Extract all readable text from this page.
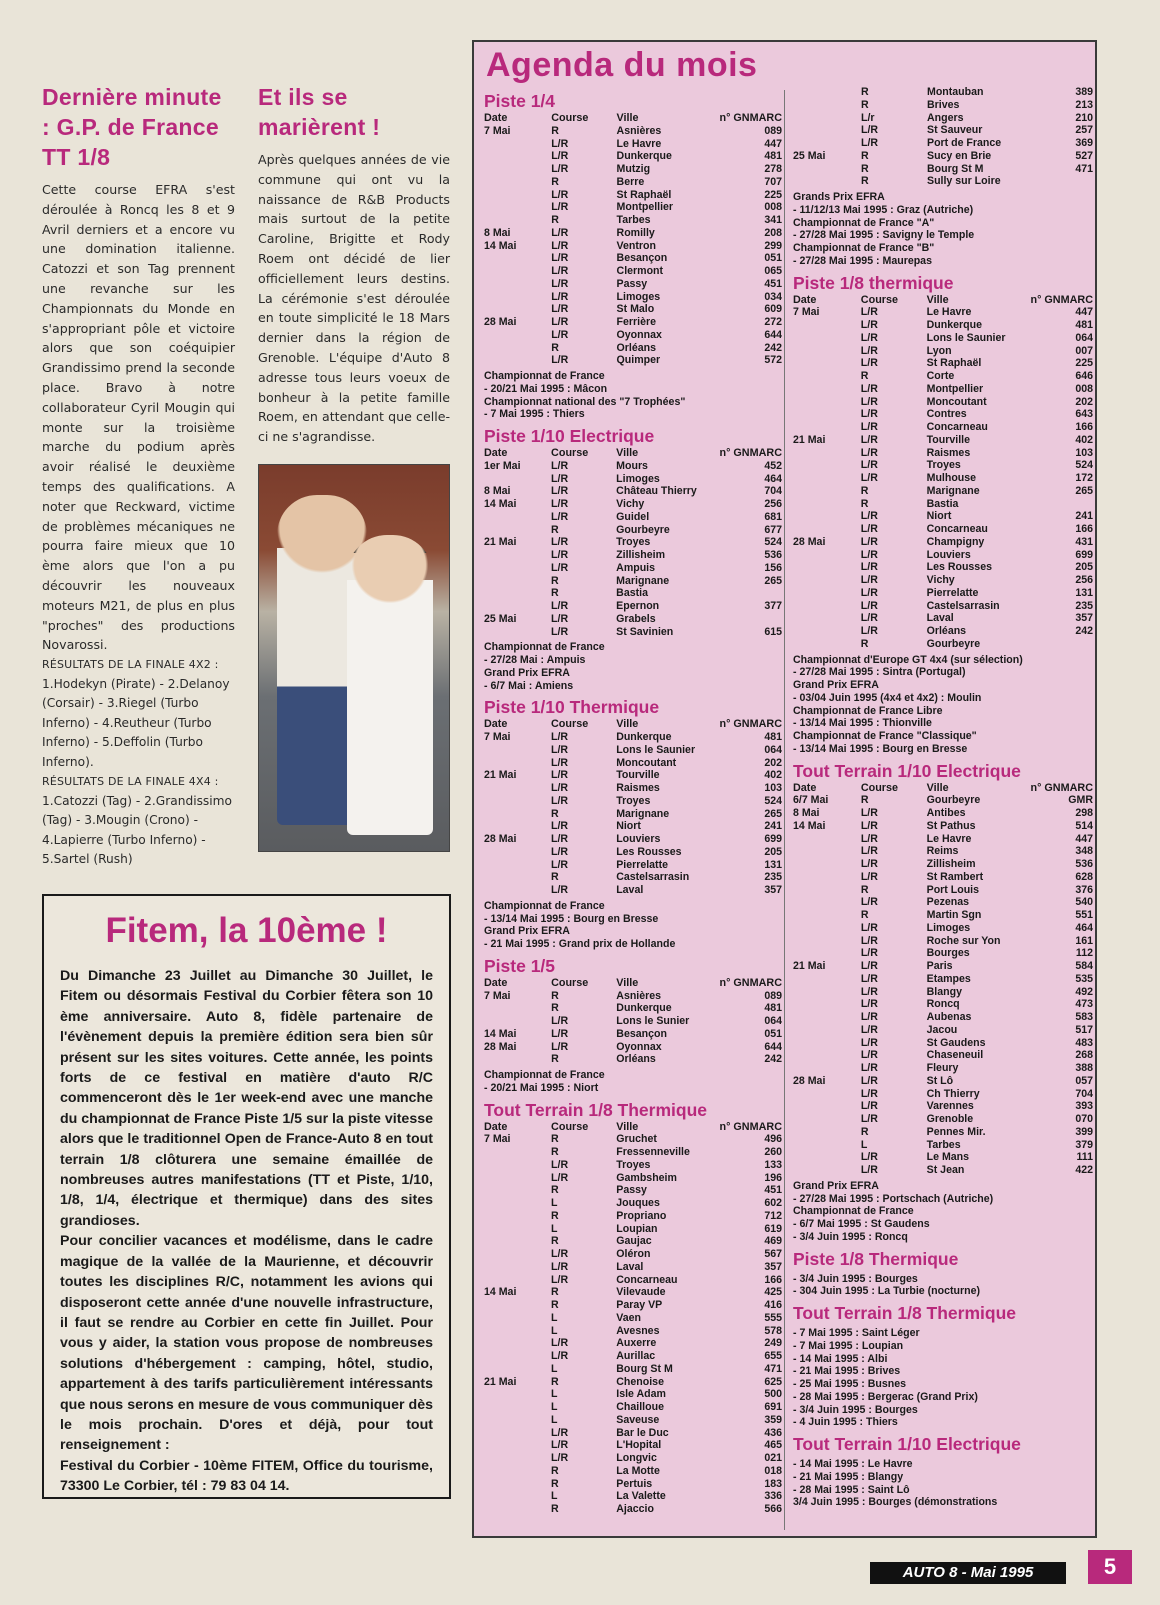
Dernière minute : G.P. de France TT 1/8

Cette course EFRA s'est déroulée à Roncq les 8 et 9 Avril derniers et a encore vu une domination italienne. Catozzi et son Tag prennent une revanche sur les Championnats du Monde en s'appropriant pôle et victoire alors que son coéquipier Grandissimo prend la seconde place. Bravo à notre collaborateur Cyril Mougin qui monte sur la troisième marche du podium après avoir réalisé le deuxième temps des qualifications. A noter que Reckward, victime de problèmes mécaniques ne pourra faire mieux que 10 ème alors que l'on a pu découvrir les nouveaux moteurs M21, de plus en plus "proches" des productions Novarossi.

RÉSULTATS DE LA FINALE 4X2 :
1.Hodekyn (Pirate) - 2.Delanoy (Corsair) - 3.Riegel (Turbo Inferno) - 4.Reutheur (Turbo Inferno) - 5.Deffolin (Turbo Inferno).
RÉSULTATS DE LA FINALE 4X4 :
1.Catozzi (Tag) - 2.Grandissimo (Tag) - 3.Mougin (Crono) - 4.Lapierre (Turbo Inferno) - 5.Sartel (Rush)
Et ils se marièrent !

Après quelques années de vie commune qui ont vu la naissance de R&B Products mais surtout de la petite Caroline, Brigitte et Rody Roem ont décidé de lier officiellement leurs destins. La cérémonie s'est déroulée en toute simplicité le 18 Mars dernier dans la région de Grenoble. L'équipe d'Auto 8 adresse tous leurs voeux de bonheur à la petite famille Roem, en attendant que celle-ci ne s'agrandisse.

Fitem, la 10ème !

Du Dimanche 23 Juillet au Dimanche 30 Juillet, le Fitem ou désormais Festival du Corbier fêtera son 10 ème anniversaire. Auto 8, fidèle partenaire de l'évènement depuis la première édition sera bien sûr présent sur les sites voitures. Cette année, les points forts de ce festival en matière d'auto R/C commenceront dès le 1er week-end avec une manche du championnat de France Piste 1/5 sur la piste vitesse alors que le traditionnel Open de France-Auto 8 en tout terrain 1/8 clôturera une semaine émaillée de nombreuses autres manifestations (TT et Piste, 1/10, 1/8, 1/4, électrique et thermique) dans des sites grandioses.

Pour concilier vacances et modélisme, dans le cadre magique de la vallée de la Maurienne, et découvrir toutes les disciplines R/C, notamment les avions qui disposeront cette année d'une nouvelle infrastructure, il faut se rendre au Corbier en cette fin Juillet. Pour vous y aider, la station vous propose de nombreuses solutions d'hébergement : camping, hôtel, studio, appartement à des tarifs particulièrement intéressants que nous serons en mesure de vous communiquer dès le mois prochain. D'ores et déjà, pour tout renseignement :

Festival du Corbier - 10ème FITEM, Office du tourisme, 73300 Le Corbier, tél : 79 83 04 14.

Agenda du mois
Piste 1/4
Date	Course	Ville	n° GNMARC
7 Mai	R	Asnières	089
	L/R	Le Havre	447
	L/R	Dunkerque	481
	L/R	Mutzig	278
	R	Berre	707
	L/R	St Raphaël	225
	L/R	Montpellier	008
	R	Tarbes	341
8 Mai	L/R	Romilly	208
14 Mai	L/R	Ventron	299
	L/R	Besançon	051
	L/R	Clermont	065
	L/R	Passy	451
	L/R	Limoges	034
	L/R	St Malo	609
28 Mai	L/R	Ferrière	272
	L/R	Oyonnax	644
	R	Orléans	242
	L/R	Quimper	572
Championnat de France
- 20/21 Mai 1995 : Mâcon
Championnat national des "7 Trophées"
- 7 Mai 1995 : Thiers
Piste 1/10 Electrique
Date	Course	Ville	n° GNMARC
1er Mai	L/R	Mours	452
	L/R	Limoges	464
8 Mai	L/R	Château Thierry	704
14 Mai	L/R	Vichy	256
	L/R	Guidel	681
	R	Gourbeyre	677
21 Mai	L/R	Troyes	524
	L/R	Zillisheim	536
	L/R	Ampuis	156
	R	Marignane	265
	R	Bastia	
	L/R	Epernon	377
25 Mai	L/R	Grabels	
	L/R	St Savinien	615
Championnat de France
- 27/28 Mai : Ampuis
Grand Prix EFRA
- 6/7 Mai : Amiens
Piste 1/10 Thermique
Date	Course	Ville	n° GNMARC
7 Mai	L/R	Dunkerque	481
	L/R	Lons le Saunier	064
	L/R	Moncoutant	202
21 Mai	L/R	Tourville	402
	L/R	Raismes	103
	L/R	Troyes	524
	R	Marignane	265
	L/R	Niort	241
28 Mai	L/R	Louviers	699
	L/R	Les Rousses	205
	L/R	Pierrelatte	131
	R	Castelsarrasin	235
	L/R	Laval	357
Championnat de France
- 13/14 Mai 1995 : Bourg en Bresse
Grand Prix EFRA
- 21 Mai 1995 : Grand prix de Hollande
Piste 1/5
Date	Course	Ville	n° GNMARC
7 Mai	R	Asnières	089
	R	Dunkerque	481
	L/R	Lons le Sunier	064
14 Mai	L/R	Besançon	051
28 Mai	L/R	Oyonnax	644
	R	Orléans	242
Championnat de France
- 20/21 Mai 1995 : Niort
Tout Terrain 1/8 Thermique
Date	Course	Ville	n° GNMARC
7 Mai	R	Gruchet	496
	R	Fressenneville	260
	L/R	Troyes	133
	L/R	Gambsheim	196
	R	Passy	451
	L	Jouques	602
	R	Propriano	712
	L	Loupian	619
	R	Gaujac	469
	L/R	Oléron	567
	L/R	Laval	357
	L/R	Concarneau	166
14 Mai	R	Vilevaude	425
	R	Paray VP	416
	L	Vaen	555
	L	Avesnes	578
	L/R	Auxerre	249
	L/R	Aurillac	655
	L	Bourg St M	471
21 Mai	R	Chenoise	625
	L	Isle Adam	500
	L	Chailloue	691
	L	Saveuse	359
	L/R	Bar le Duc	436
	L/R	L'Hopital	465
	L/R	Longvic	021
	R	La Motte	018
	R	Pertuis	183
	L	La Valette	336
	R	Ajaccio	566
	R	Montauban	389
	R	Brives	213
	L/r	Angers	210
	L/R	St Sauveur	257
	L/R	Port de France	369
25 Mai	R	Sucy en Brie	527
	R	Bourg St M	471
	R	Sully sur Loire	
Grands Prix EFRA
- 11/12/13 Mai 1995 : Graz (Autriche)
Championnat de France "A"
- 27/28 Mai 1995 : Savigny le Temple
Championnat de France "B"
- 27/28 Mai 1995 : Maurepas
Piste 1/8 thermique
Date	Course	Ville	n° GNMARC
7 Mai	L/R	Le Havre	447
	L/R	Dunkerque	481
	L/R	Lons le Saunier	064
	L/R	Lyon	007
	L/R	St Raphaël	225
	R	Corte	646
	L/R	Montpellier	008
	L/R	Moncoutant	202
	L/R	Contres	643
	L/R	Concarneau	166
21 Mai	L/R	Tourville	402
	L/R	Raismes	103
	L/R	Troyes	524
	L/R	Mulhouse	172
	R	Marignane	265
	R	Bastia	
	L/R	Niort	241
	L/R	Concarneau	166
28 Mai	L/R	Champigny	431
	L/R	Louviers	699
	L/R	Les Rousses	205
	L/R	Vichy	256
	L/R	Pierrelatte	131
	L/R	Castelsarrasin	235
	L/R	Laval	357
	L/R	Orléans	242
	R	Gourbeyre	
Championnat d'Europe GT 4x4 (sur sélection)
- 27/28 Mai 1995 : Sintra (Portugal)
Grand Prix EFRA
- 03/04 Juin 1995 (4x4 et 4x2) : Moulin
Championnat de France Libre
- 13/14 Mai 1995 : Thionville
Championnat de France "Classique"
- 13/14 Mai 1995 : Bourg en Bresse
Tout Terrain 1/10 Electrique
Date	Course	Ville	n° GNMARC
6/7 Mai	R	Gourbeyre	GMR
8 Mai	L/R	Antibes	298
14 Mai	L/R	St Pathus	514
	L/R	Le Havre	447
	L/R	Reims	348
	L/R	Zillisheim	536
	L/R	St Rambert	628
	R	Port Louis	376
	L/R	Pezenas	540
	R	Martin Sgn	551
	L/R	Limoges	464
	L/R	Roche sur Yon	161
	L/R	Bourges	112
21 Mai	L/R	Paris	584
	L/R	Etampes	535
	L/R	Blangy	492
	L/R	Roncq	473
	L/R	Aubenas	583
	L/R	Jacou	517
	L/R	St Gaudens	483
	L/R	Chaseneuil	268
	L/R	Fleury	388
28 Mai	L/R	St Lô	057
	L/R	Ch Thierry	704
	L/R	Varennes	393
	L/R	Grenoble	070
	R	Pennes Mir.	399
	L	Tarbes	379
	L/R	Le Mans	111
	L/R	St Jean	422
Grand Prix EFRA
- 27/28 Mai 1995 : Portschach (Autriche)
Championnat de France
- 6/7 Mai 1995 : St Gaudens
- 3/4 Juin 1995 : Roncq
Piste 1/8 Thermique
- 3/4 Juin 1995 : Bourges
- 304 Juin 1995 : La Turbie (nocturne)
Tout Terrain 1/8 Thermique
- 7 Mai 1995 : Saint Léger
- 7 Mai 1995 : Loupian
- 14 Mai 1995 : Albi
- 21 Mai 1995 : Brives
- 25 Mai 1995 : Busnes
- 28 Mai 1995 : Bergerac (Grand Prix)
- 3/4 Juin 1995 : Bourges
- 4 Juin 1995 : Thiers
Tout Terrain 1/10 Electrique
- 14 Mai 1995 : Le Havre
- 21 Mai 1995 : Blangy
- 28 Mai 1995 : Saint Lô
3/4 Juin 1995 : Bourges (démonstrations
AUTO 8 - Mai 1995	5
